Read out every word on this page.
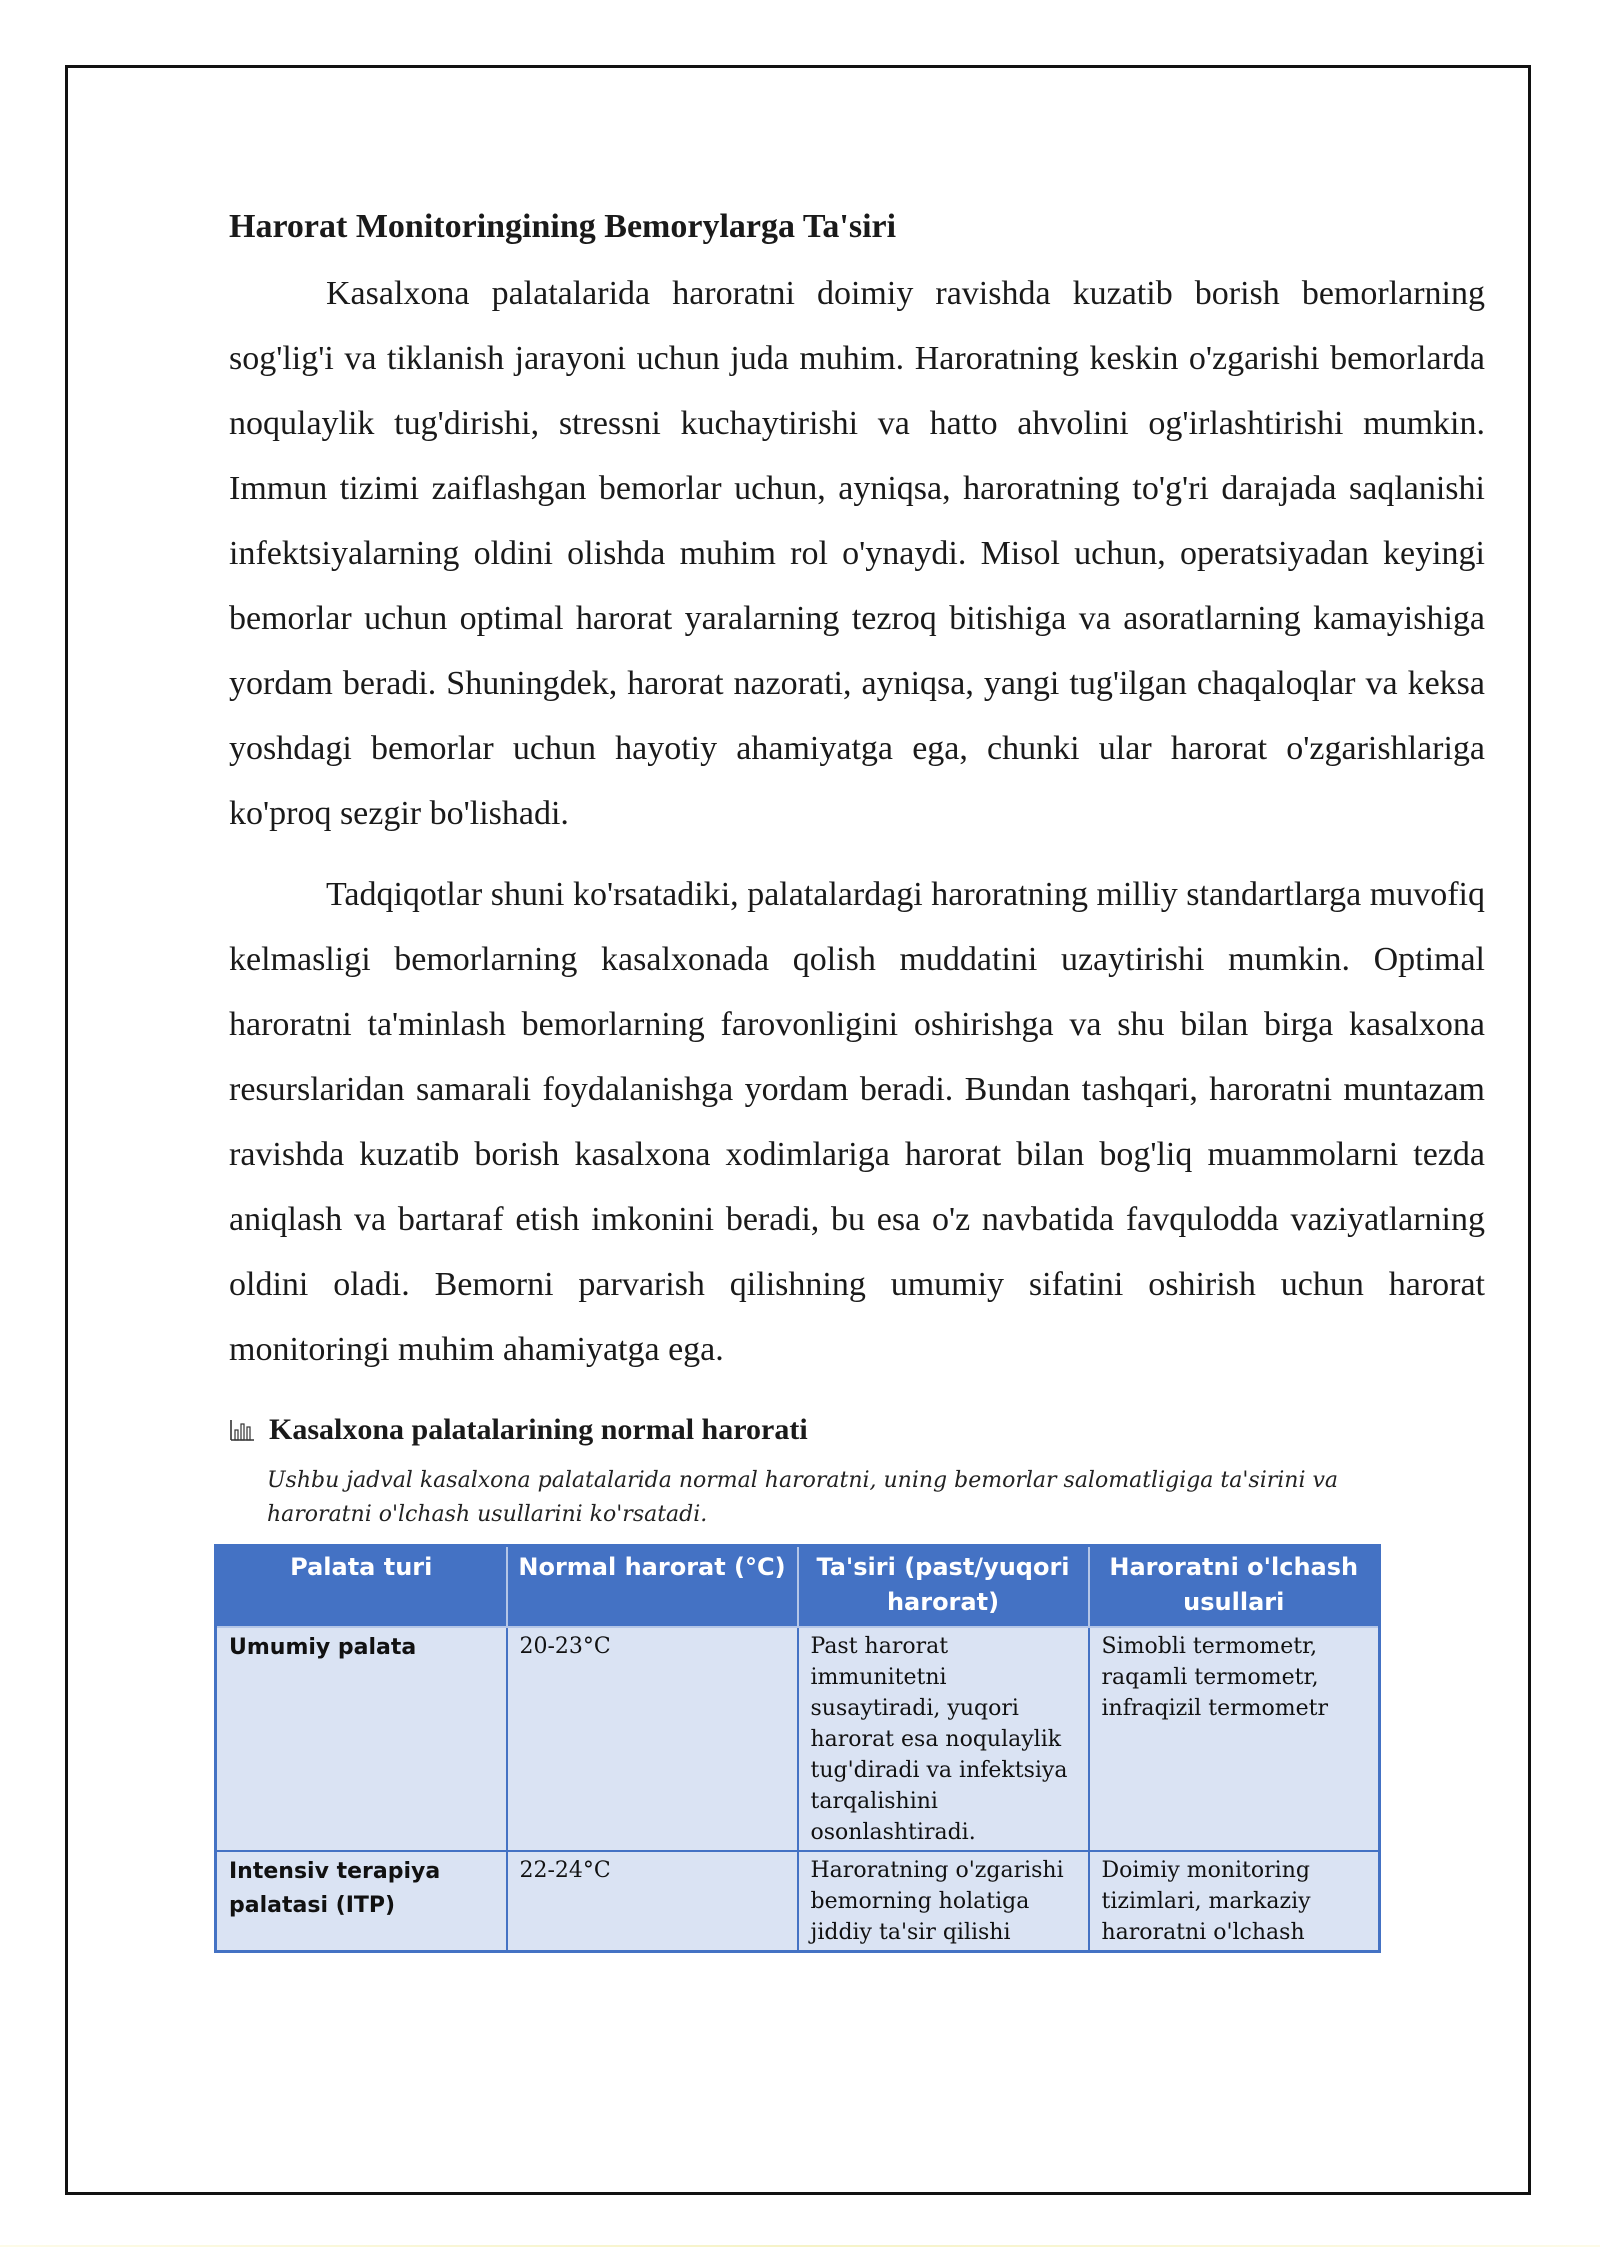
Harorat Monitoringining Bemorylarga Ta'siri

Kasalxona palatalarida haroratni doimiy ravishda kuzatib borish bemorlarning sog'lig'i va tiklanish jarayoni uchun juda muhim. Haroratning keskin o'zgarishi bemorlarda noqulaylik tug'dirishi, stressni kuchaytirishi va hatto ahvolini og'irlashtirishi mumkin. Immun tizimi zaiflashgan bemorlar uchun, ayniqsa, haroratning to'g'ri darajada saqlanishi infektsiyalarning oldini olishda muhim rol o'ynaydi. Misol uchun, operatsiyadan keyingi bemorlar uchun optimal harorat yaralarning tezroq bitishiga va asoratlarning kamayishiga yordam beradi. Shuningdek, harorat nazorati, ayniqsa, yangi tug'ilgan chaqaloqlar va keksa yoshdagi bemorlar uchun hayotiy ahamiyatga ega, chunki ular harorat o'zgarishlariga ko'proq sezgir bo'lishadi.

Tadqiqotlar shuni ko'rsatadiki, palatalardagi haroratning milliy standartlarga muvofiq kelmasligi bemorlarning kasalxonada qolish muddatini uzaytirishi mumkin. Optimal haroratni ta'minlash bemorlarning farovonligini oshirishga va shu bilan birga kasalxona resurslaridan samarali foydalanishga yordam beradi. Bundan tashqari, haroratni muntazam ravishda kuzatib borish kasalxona xodimlariga harorat bilan bog'liq muammolarni tezda aniqlash va bartaraf etish imkonini beradi, bu esa o'z navbatida favqulodda vaziyatlarning oldini oladi. Bemorni parvarish qilishning umumiy sifatini oshirish uchun harorat monitoringi muhim ahamiyatga ega.

Kasalxona palatalarining normal harorati
Ushbu jadval kasalxona palatalarida normal haroratni, uning bemorlar salomatligiga ta'sirini va haroratni o'lchash usullarini ko'rsatadi.
Palata turi	Normal harorat (°C)	Ta'siri (past/yuqori harorat)	Haroratni o'lchash usullari
Umumiy palata	20-23°C	Past harorat immunitetni susaytiradi, yuqori harorat esa noqulaylik tug'diradi va infektsiya tarqalishini osonlashtiradi.	Simobli termometr, raqamli termometr, infraqizil termometr
Intensiv terapiya palatasi (ITP)	22-24°C	Haroratning o'zgarishi bemorning holatiga jiddiy ta'sir qilishi	Doimiy monitoring tizimlari, markaziy haroratni o'lchash
